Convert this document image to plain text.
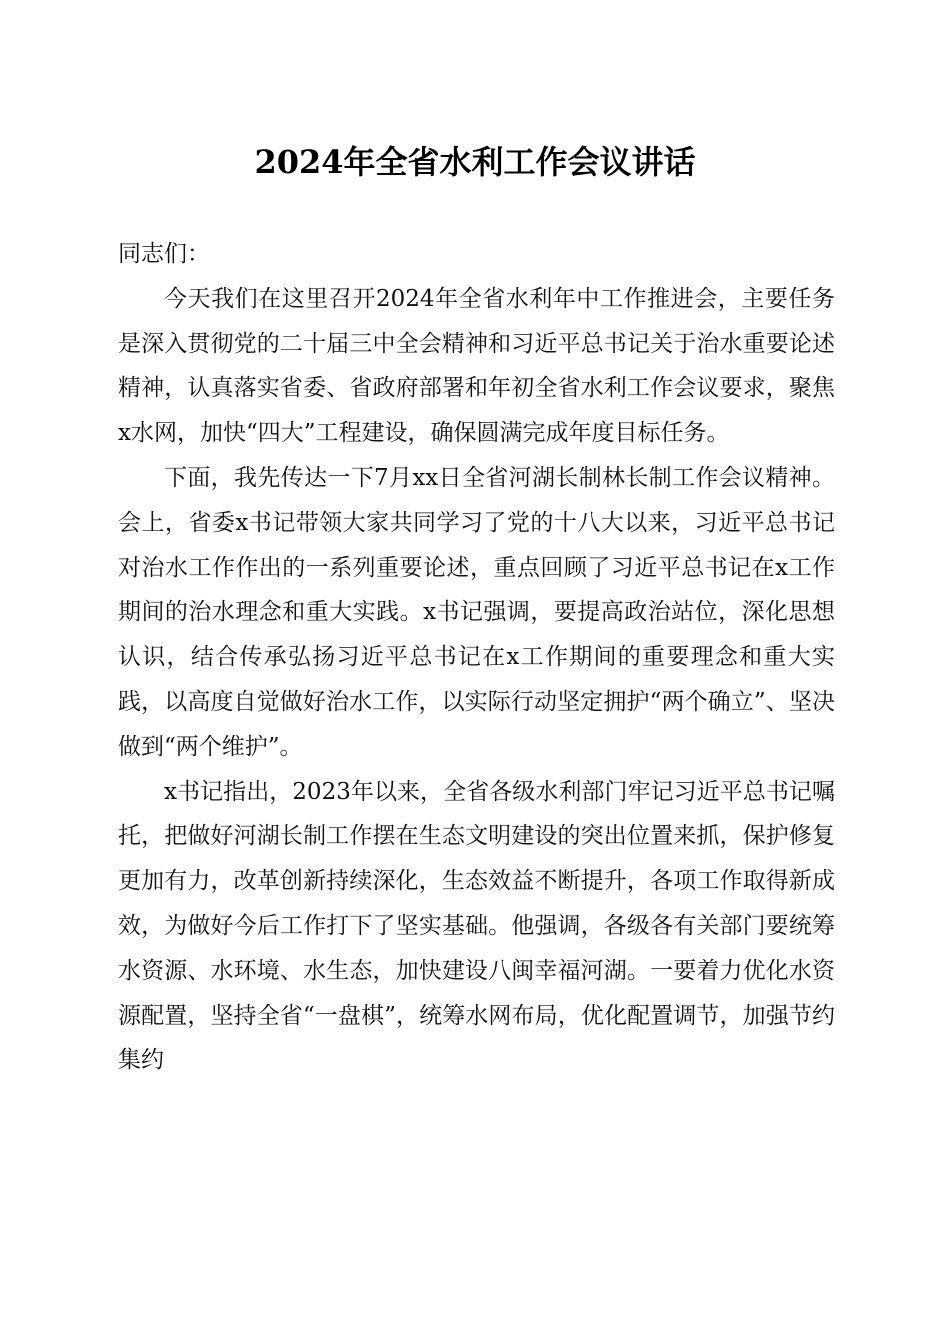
2024年全省水利工作会议讲话

同志们：

今天我们在这里召开2024年全省水利年中工作推进会，主要任务是深入贯彻党的二十届三中全会精神和习近平总书记关于治水重要论述精神，认真落实省委、省政府部署和年初全省水利工作会议要求，聚焦x水网，加快“四大”工程建设，确保圆满完成年度目标任务。

下面，我先传达一下7月xx日全省河湖长制林长制工作会议精神。会上，省委x书记带领大家共同学习了党的十八大以来，习近平总书记对治水工作作出的一系列重要论述，重点回顾了习近平总书记在x工作期间的治水理念和重大实践。x书记强调，要提高政治站位，深化思想认识，结合传承弘扬习近平总书记在x工作期间的重要理念和重大实践，以高度自觉做好治水工作，以实际行动坚定拥护“两个确立”、坚决做到“两个维护”。

x书记指出，2023年以来，全省各级水利部门牢记习近平总书记嘱托，把做好河湖长制工作摆在生态文明建设的突出位置来抓，保护修复更加有力，改革创新持续深化，生态效益不断提升，各项工作取得新成效，为做好今后工作打下了坚实基础。他强调，各级各有关部门要统筹水资源、水环境、水生态，加快建设八闽幸福河湖。一要着力优化水资源配置，坚持全省“一盘棋”，统筹水网布局，优化配置调节，加强节约集约
